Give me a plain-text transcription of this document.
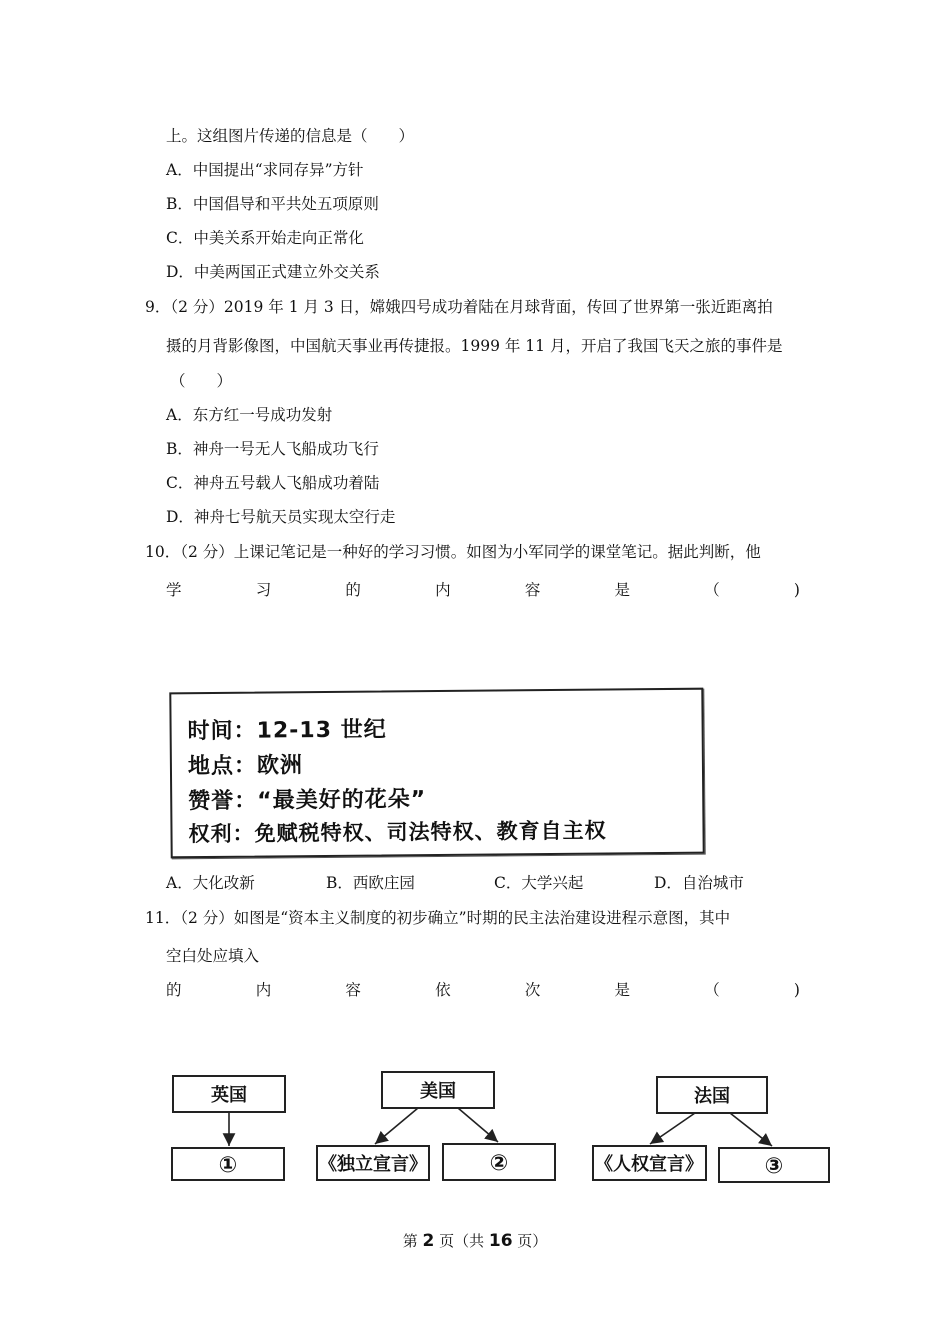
上。这组图片传递的信息是（　　）
A．中国提出“求同存异”方针
B．中国倡导和平共处五项原则
C．中美关系开始走向正常化
D．中美两国正式建立外交关系
9．（2 分）2019 年 1 月 3 日，嫦娥四号成功着陆在月球背面，传回了世界第一张近距离拍
摄的月背影像图，中国航天事业再传捷报。1999 年 11 月，开启了我国飞天之旅的事件是
（　　）
A．东方红一号成功发射
B．神舟一号无人飞船成功飞行
C．神舟五号载人飞船成功着陆
D．神舟七号航天员实现太空行走
10．（2 分）上课记笔记是一种好的学习习惯。如图为小军同学的课堂笔记。据此判断，他
学	习	的	内	容	是	（	)
时间：12-13 世纪
地点：欧洲
赞誉：“最美好的花朵”
权利：免赋税特权、司法特权、教育自主权
A．大化改新	B．西欧庄园	C．大学兴起	D．自治城市
11．（2 分）如图是“资本主义制度的初步确立”时期的民主法治建设进程示意图，其中
空白处应填入
的	内	容	依	次	是	（	)
英国
①
美国
《独立宣言》	②
法国
《人权宣言》	③
第 2 页（共 16 页）
